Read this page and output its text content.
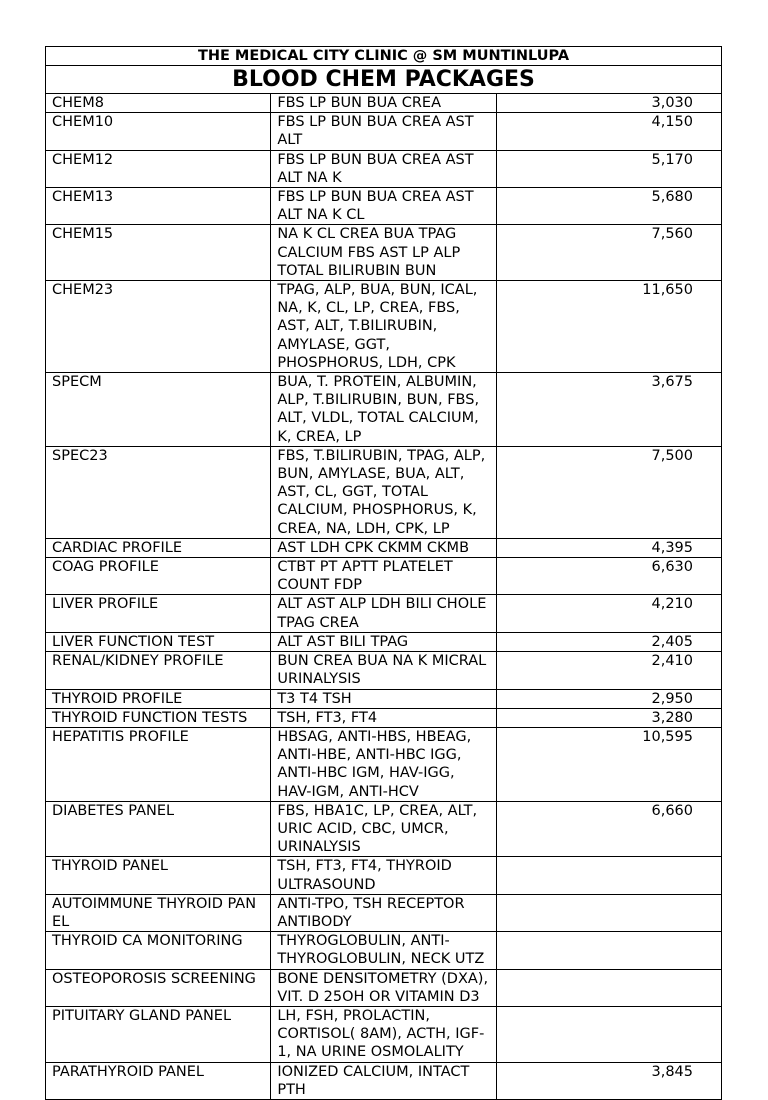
THE MEDICAL CITY CLINIC @ SM MUNTINLUPA		
BLOOD CHEM PACKAGES		
CHEM8	FBS LP BUN BUA CREA	3,030
CHEM10	FBS LP BUN BUA CREA AST ALT	4,150
CHEM12	FBS LP BUN BUA CREA AST ALT NA K	5,170
CHEM13	FBS LP BUN BUA CREA AST ALT NA K CL	5,680
CHEM15	NA K CL CREA BUA TPAG CALCIUM FBS AST LP ALP TOTAL BILIRUBIN BUN	7,560
CHEM23	TPAG, ALP, BUA, BUN, ICAL, NA, K, CL, LP, CREA, FBS, AST, ALT, T.BILIRUBIN, AMYLASE, GGT, PHOSPHORUS, LDH, CPK	11,650
SPECM	BUA, T. PROTEIN, ALBUMIN, ALP, T.BILIRUBIN, BUN, FBS, ALT, VLDL, TOTAL CALCIUM, K, CREA, LP	3,675
SPEC23	FBS, T.BILIRUBIN, TPAG, ALP, BUN, AMYLASE, BUA, ALT, AST, CL, GGT, TOTAL CALCIUM, PHOSPHORUS, K, CREA, NA, LDH, CPK, LP	7,500
CARDIAC PROFILE	AST LDH CPK CKMM CKMB	4,395
COAG PROFILE	CTBT PT APTT PLATELET COUNT FDP	6,630
LIVER PROFILE	ALT AST ALP LDH BILI CHOLE TPAG CREA	4,210
LIVER FUNCTION TEST	ALT AST BILI TPAG	2,405
RENAL/KIDNEY PROFILE	BUN CREA BUA NA K MICRAL URINALYSIS	2,410
THYROID PROFILE	T3 T4 TSH	2,950
THYROID FUNCTION TESTS	TSH, FT3, FT4	3,280
HEPATITIS PROFILE	HBSAG, ANTI-HBS, HBEAG, ANTI-HBE, ANTI-HBC IGG, ANTI-HBC IGM, HAV-IGG, HAV-IGM, ANTI-HCV	10,595
DIABETES PANEL	FBS, HBA1C, LP, CREA, ALT, URIC ACID, CBC, UMCR, URINALYSIS	6,660
THYROID PANEL	TSH, FT3, FT4, THYROID ULTRASOUND	
AUTOIMMUNE THYROID PANEL	ANTI-TPO, TSH RECEPTOR ANTIBODY	
THYROID CA MONITORING	THYROGLOBULIN, ANTI-THYROGLOBULIN, NECK UTZ	
OSTEOPOROSIS SCREENING	BONE DENSITOMETRY (DXA), VIT. D 25OH OR VITAMIN D3	
PITUITARY GLAND PANEL	LH, FSH, PROLACTIN, CORTISOL( 8AM), ACTH, IGF-1, NA URINE OSMOLALITY	
PARATHYROID PANEL	IONIZED CALCIUM, INTACT PTH	3,845
